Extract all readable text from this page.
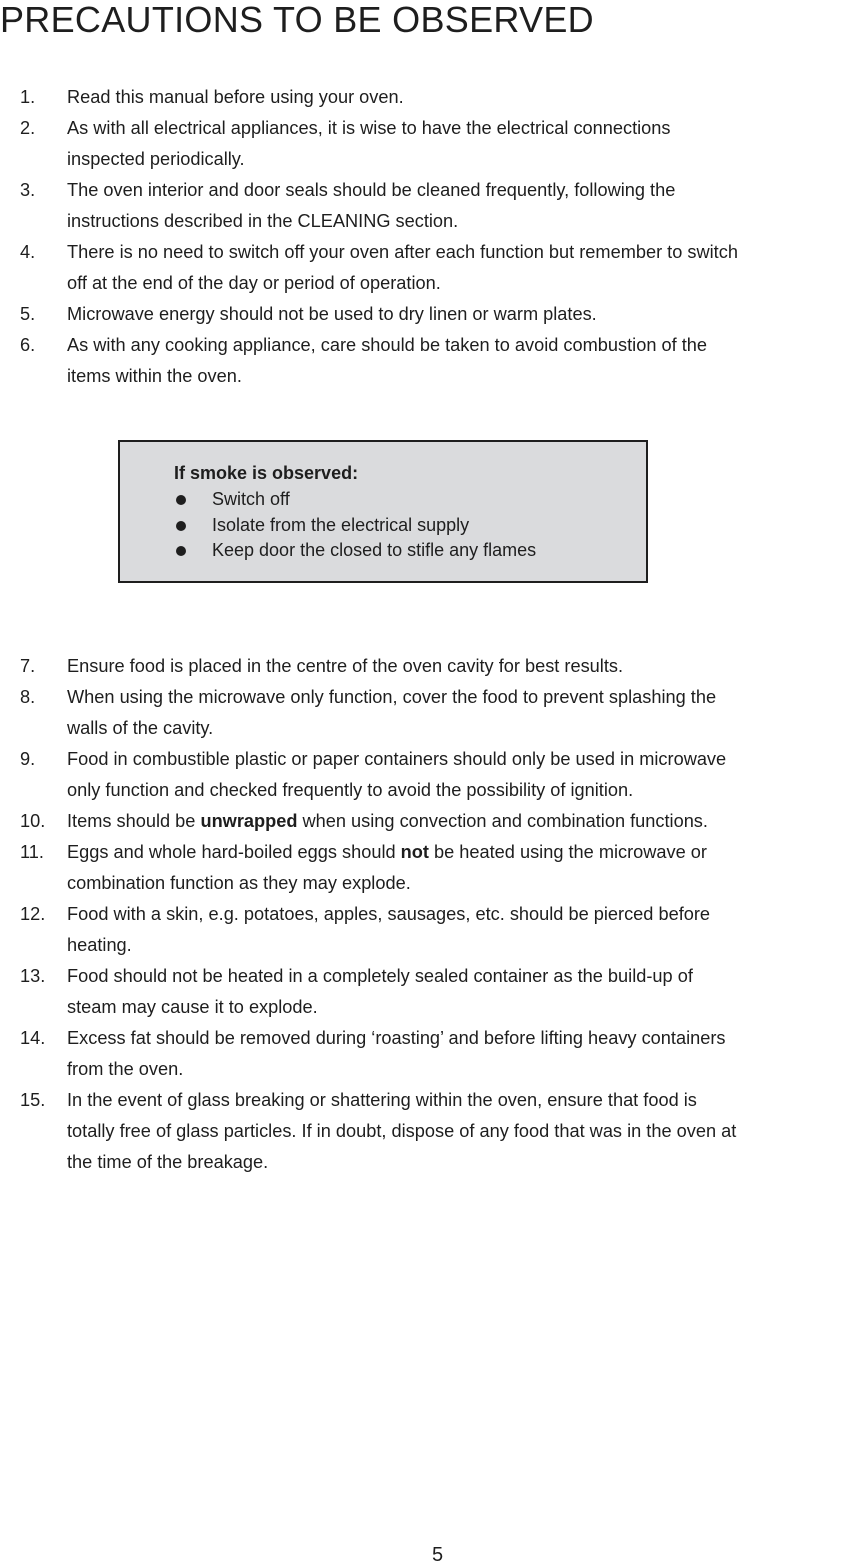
PRECAUTIONS TO BE OBSERVED
1. Read this manual before using your oven.
2. As with all electrical appliances, it is wise to have the electrical connections
inspected periodically.
3. The oven interior and door seals should be cleaned frequently, following the
instructions described in the CLEANING section.
4. There is no need to switch off your oven after each function but remember to switch
off at the end of the day or period of operation.
5. Microwave energy should not be used to dry linen or warm plates.
6. As with any cooking appliance, care should be taken to avoid combustion of the
items within the oven.
If smoke is observed:
Switch off
Isolate from the electrical supply
Keep door the closed to stifle any flames
7. Ensure food is placed in the centre of the oven cavity for best results.
8. When using the microwave only function, cover the food to prevent splashing the
walls of the cavity.
9. Food in combustible plastic or paper containers should only be used in microwave
only function and checked frequently to avoid the possibility of ignition.
10. Items should be unwrapped when using convection and combination functions.
11. Eggs and whole hard-boiled eggs should not be heated using the microwave or
combination function as they may explode.
12. Food with a skin, e.g. potatoes, apples, sausages, etc. should be pierced before
heating.
13. Food should not be heated in a completely sealed container as the build-up of
steam may cause it to explode.
14. Excess fat should be removed during ‘roasting’ and before lifting heavy containers
from the oven.
15. In the event of glass breaking or shattering within the oven, ensure that food is
totally free of glass particles. If in doubt, dispose of any food that was in the oven at
the time of the breakage.
5
